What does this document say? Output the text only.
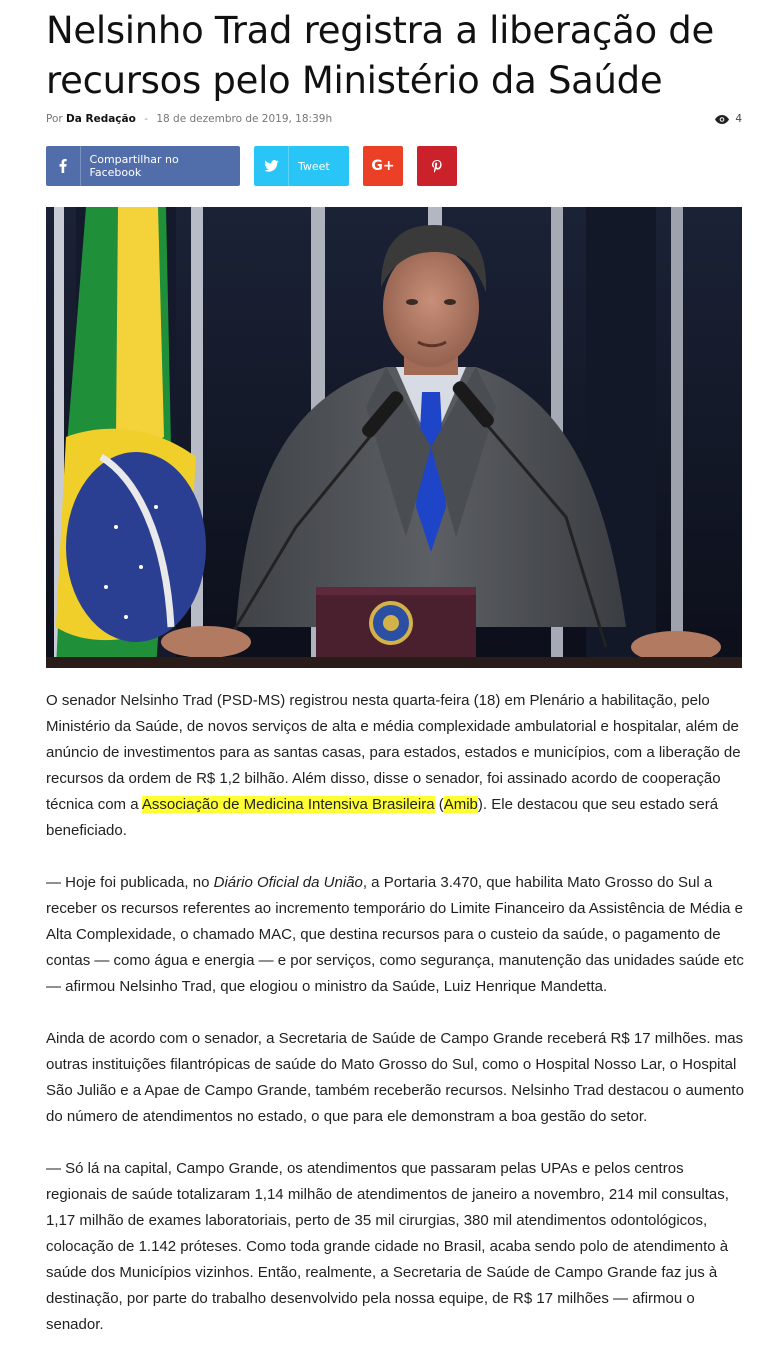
Nelsinho Trad registra a liberação de recursos pelo Ministério da Saúde
Por Da Redação - 18 de dezembro de 2019, 18:39h	4
Compartilhar no Facebook	Tweet	G+

O senador Nelsinho Trad (PSD-MS) registrou nesta quarta-feira (18) em Plenário a habilitação, pelo Ministério da Saúde, de novos serviços de alta e média complexidade ambulatorial e hospitalar, além de anúncio de investimentos para as santas casas, para estados, estados e municípios, com a liberação de recursos da ordem de R$ 1,2 bilhão. Além disso, disse o senador, foi assinado acordo de cooperação técnica com a Associação de Medicina Intensiva Brasileira (Amib). Ele destacou que seu estado será beneficiado.

— Hoje foi publicada, no Diário Oficial da União, a Portaria 3.470, que habilita Mato Grosso do Sul a receber os recursos referentes ao incremento temporário do Limite Financeiro da Assistência de Média e Alta Complexidade, o chamado MAC, que destina recursos para o custeio da saúde, o pagamento de contas — como água e energia — e por serviços, como segurança, manutenção das unidades saúde etc — afirmou Nelsinho Trad, que elogiou o ministro da Saúde, Luiz Henrique Mandetta.

Ainda de acordo com o senador, a Secretaria de Saúde de Campo Grande receberá R$ 17 milhões. mas outras instituições filantrópicas de saúde do Mato Grosso do Sul, como o Hospital Nosso Lar, o Hospital São Julião e a Apae de Campo Grande, também receberão recursos. Nelsinho Trad destacou o aumento do número de atendimentos no estado, o que para ele demonstram a boa gestão do setor.

— Só lá na capital, Campo Grande, os atendimentos que passaram pelas UPAs e pelos centros regionais de saúde totalizaram 1,14 milhão de atendimentos de janeiro a novembro, 214 mil consultas, 1,17 milhão de exames laboratoriais, perto de 35 mil cirurgias, 380 mil atendimentos odontológicos, colocação de 1.142 próteses. Como toda grande cidade no Brasil, acaba sendo polo de atendimento à saúde dos Municípios vizinhos. Então, realmente, a Secretaria de Saúde de Campo Grande faz jus à destinação, por parte do trabalho desenvolvido pela nossa equipe, de R$ 17 milhões — afirmou o senador.
